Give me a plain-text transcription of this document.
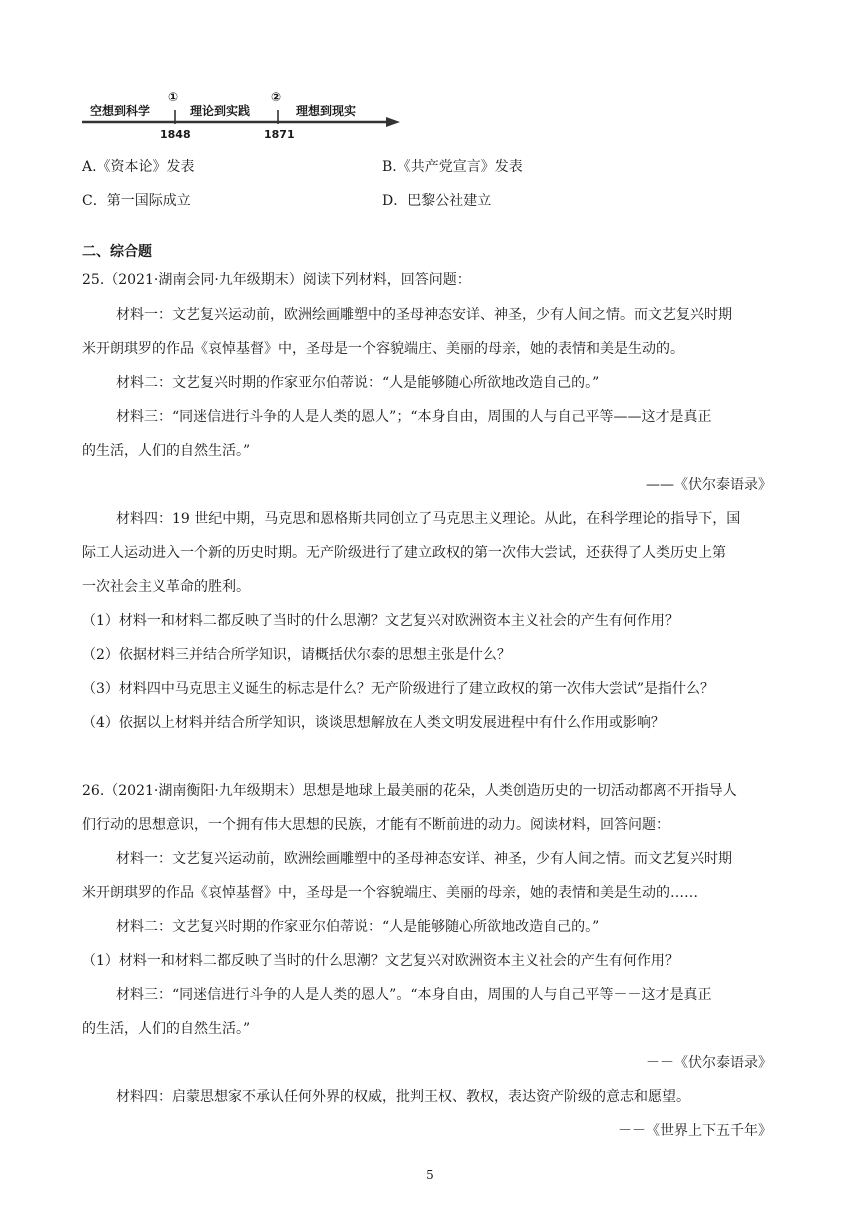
空想到科学
①
理论到实践
②
理想到现实
1848	1871
A.《资本论》发表	B.《共产党宣言》发表
C．第一国际成立	D．巴黎公社建立
二、综合题
25.（2021·湖南会同·九年级期末）阅读下列材料，回答问题：
材料一：文艺复兴运动前，欧洲绘画雕塑中的圣母神态安详、神圣，少有人间之情。而文艺复兴时期
米开朗琪罗的作品《哀悼基督》中，圣母是一个容貌端庄、美丽的母亲，她的表情和美是生动的。
材料二：文艺复兴时期的作家亚尔伯蒂说：“人是能够随心所欲地改造自己的。”
材料三：“同迷信进行斗争的人是人类的恩人”；“本身自由，周围的人与自己平等——这才是真正
的生活，人们的自然生活。”
——《伏尔泰语录》
材料四：19 世纪中期，马克思和恩格斯共同创立了马克思主义理论。从此，在科学理论的指导下，国
际工人运动进入一个新的历史时期。无产阶级进行了建立政权的第一次伟大尝试，还获得了人类历史上第
一次社会主义革命的胜利。
（1）材料一和材料二都反映了当时的什么思潮？文艺复兴对欧洲资本主义社会的产生有何作用？
（2）依据材料三并结合所学知识，请概括伏尔泰的思想主张是什么？
（3）材料四中马克思主义诞生的标志是什么？无产阶级进行了建立政权的第一次伟大尝试”是指什么？
（4）依据以上材料并结合所学知识，谈谈思想解放在人类文明发展进程中有什么作用或影响？
26.（2021·湖南衡阳·九年级期末）思想是地球上最美丽的花朵，人类创造历史的一切活动都离不开指导人
们行动的思想意识，一个拥有伟大思想的民族，才能有不断前进的动力。阅读材料，回答问题：
材料一：文艺复兴运动前，欧洲绘画雕塑中的圣母神态安详、神圣，少有人间之情。而文艺复兴时期
米开朗琪罗的作品《哀悼基督》中，圣母是一个容貌端庄、美丽的母亲，她的表情和美是生动的……
材料二：文艺复兴时期的作家亚尔伯蒂说：“人是能够随心所欲地改造自己的。”
（1）材料一和材料二都反映了当时的什么思潮？文艺复兴对欧洲资本主义社会的产生有何作用？
材料三：“同迷信进行斗争的人是人类的恩人”。“本身自由，周围的人与自己平等－－这才是真正
的生活，人们的自然生活。”
－－《伏尔泰语录》
材料四：启蒙思想家不承认任何外界的权威，批判王权、教权，表达资产阶级的意志和愿望。
－－《世界上下五千年》
5
